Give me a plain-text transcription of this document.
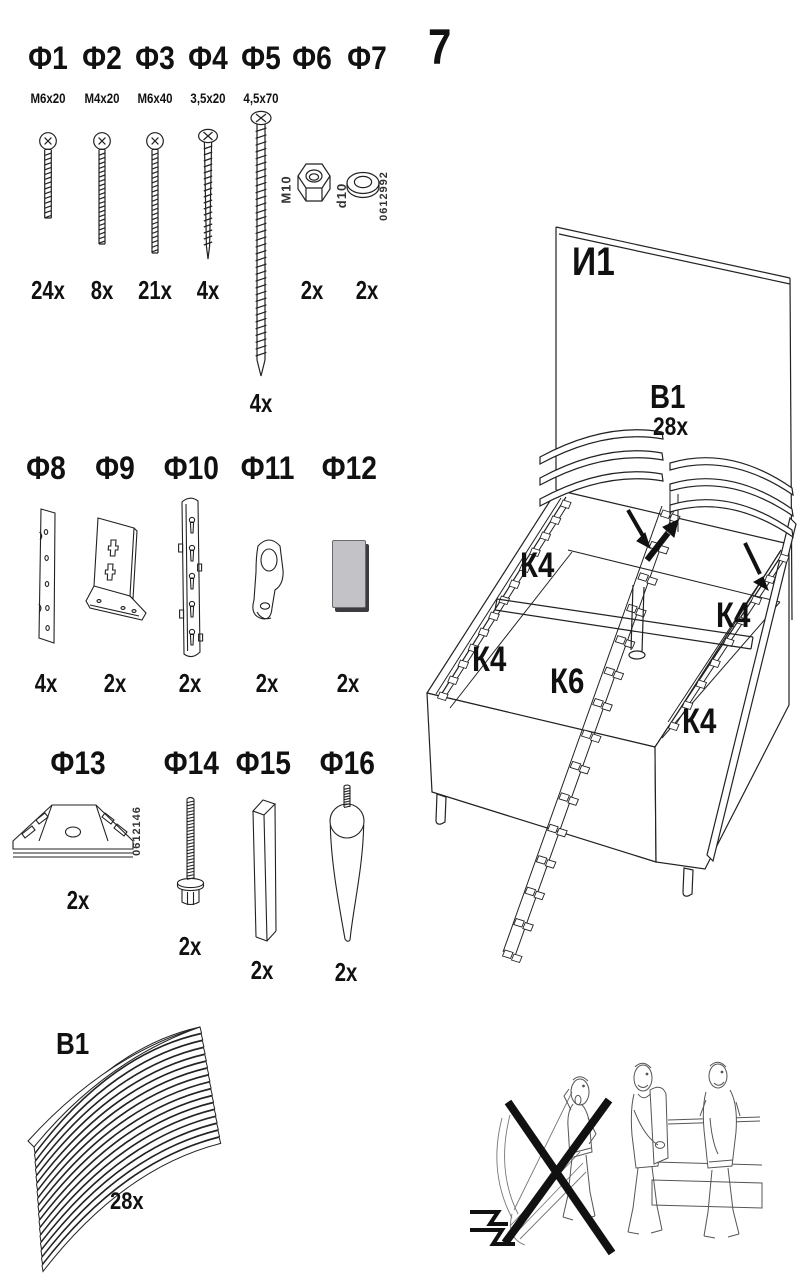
7
Ф1
M6x20
24x
Ф2
M4x20
8x
Ф3
M6x40
21x
Ф4
3,5x20
4x
Ф5
4,5x70
4x
Ф6
M10
2x
Ф7
d10	0612992
2x
Ф8
4x
Ф9
2x
Ф10
2x
Ф11
2x
Ф12
2x
Ф13
0612146
2x
Ф14
2x
Ф15
2x
Ф16
2x
В1
28x
И1
В1
28x
К4
К4
К4
К4
К6
